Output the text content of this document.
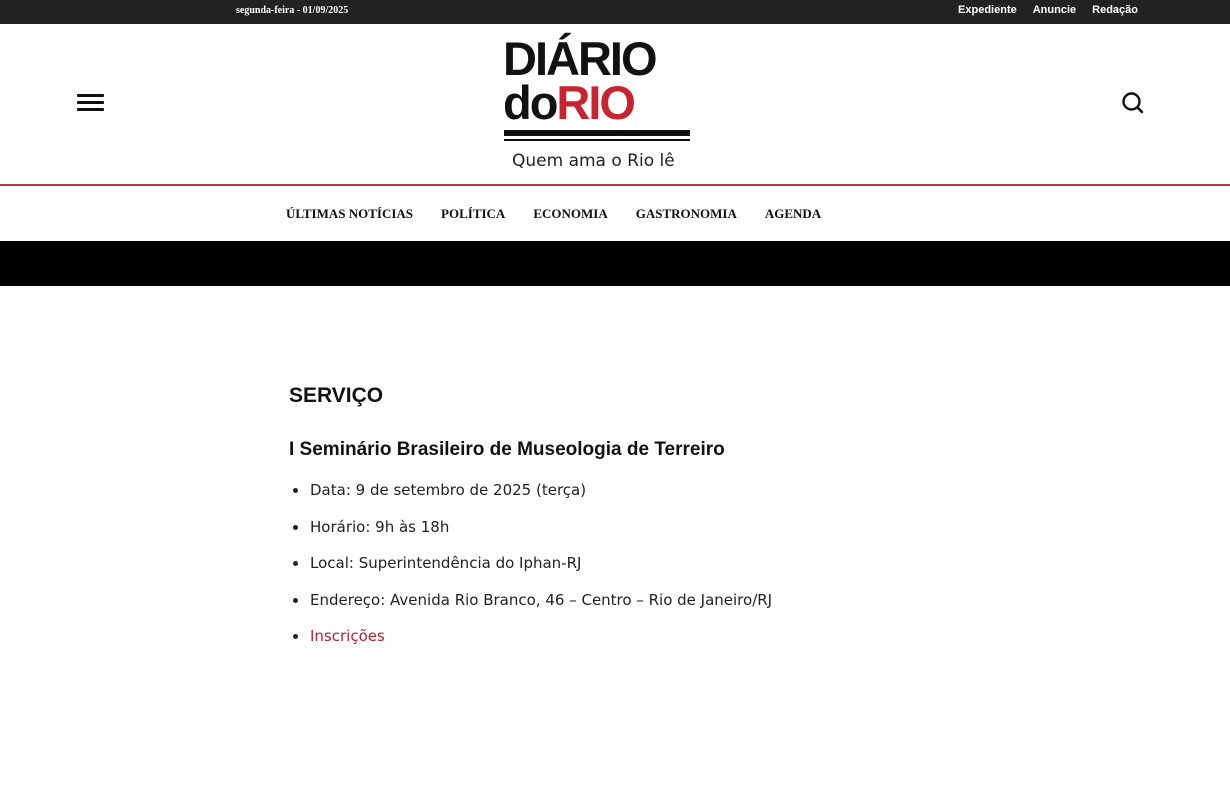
segunda-feira - 01/09/2025	Expediente Anuncie Redação
DIÁRIO
doRIO
Quem ama o Rio lê
ÚLTIMAS NOTÍCIAS POLÍTICA ECONOMIA GASTRONOMIA AGENDA
SERVIÇO
I Seminário Brasileiro de Museologia de Terreiro
Data: 9 de setembro de 2025 (terça)
Horário: 9h às 18h
Local: Superintendência do Iphan-RJ
Endereço: Avenida Rio Branco, 46 – Centro – Rio de Janeiro/RJ
Inscrições
